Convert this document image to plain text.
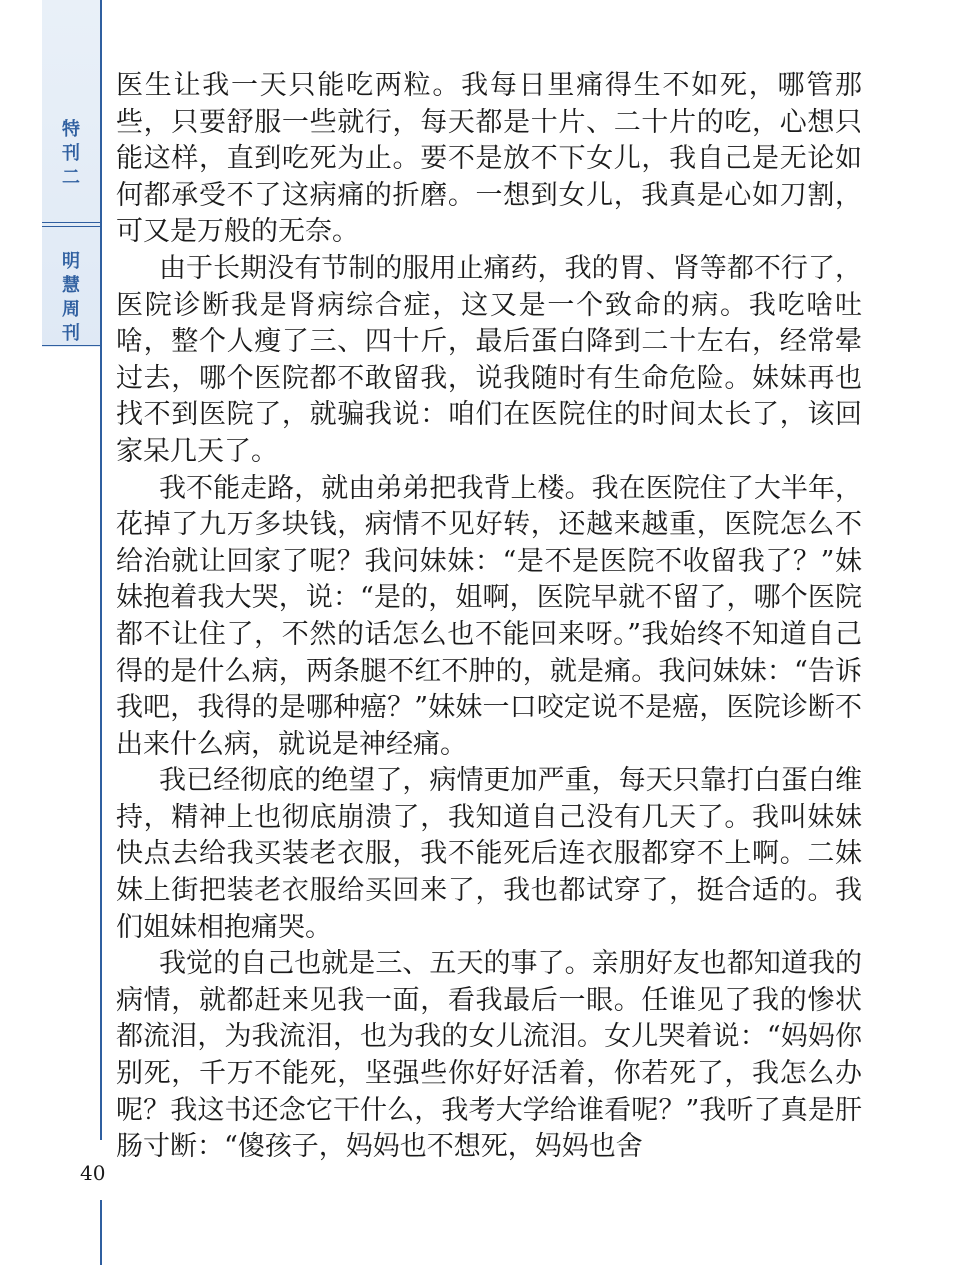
特
刊
二
明
慧
周
刊

医生让我一天只能吃两粒。我每日里痛得生不如死，哪管那些，只要舒服一些就行，每天都是十片、二十片的吃，心想只能这样，直到吃死为止。要不是放不下女儿，我自己是无论如何都承受不了这病痛的折磨。一想到女儿，我真是心如刀割，可又是万般的无奈。

由于长期没有节制的服用止痛药，我的胃、肾等都不行了，医院诊断我是肾病综合症，这又是一个致命的病。我吃啥吐啥，整个人瘦了三、四十斤，最后蛋白降到二十左右，经常晕过去，哪个医院都不敢留我，说我随时有生命危险。妹妹再也找不到医院了，就骗我说：咱们在医院住的时间太长了，该回家呆几天了。

我不能走路，就由弟弟把我背上楼。我在医院住了大半年，花掉了九万多块钱，病情不见好转，还越来越重，医院怎么不给治就让回家了呢？我问妹妹：“是不是医院不收留我了？”妹妹抱着我大哭，说：“是的，姐啊，医院早就不留了，哪个医院都不让住了，不然的话怎么也不能回来呀。”我始终不知道自己得的是什么病，两条腿不红不肿的，就是痛。我问妹妹：“告诉我吧，我得的是哪种癌？”妹妹一口咬定说不是癌，医院诊断不出来什么病，就说是神经痛。

我已经彻底的绝望了，病情更加严重，每天只靠打白蛋白维持，精神上也彻底崩溃了，我知道自己没有几天了。我叫妹妹快点去给我买装老衣服，我不能死后连衣服都穿不上啊。二妹妹上街把装老衣服给买回来了，我也都试穿了，挺合适的。我们姐妹相抱痛哭。

我觉的自己也就是三、五天的事了。亲朋好友也都知道我的病情，就都赶来见我一面，看我最后一眼。任谁见了我的惨状都流泪，为我流泪，也为我的女儿流泪。女儿哭着说：“妈妈你别死，千万不能死，坚强些你好好活着，你若死了，我怎么办呢？我这书还念它干什么，我考大学给谁看呢？”我听了真是肝肠寸断：“傻孩子，妈妈也不想死，妈妈也舍

40
